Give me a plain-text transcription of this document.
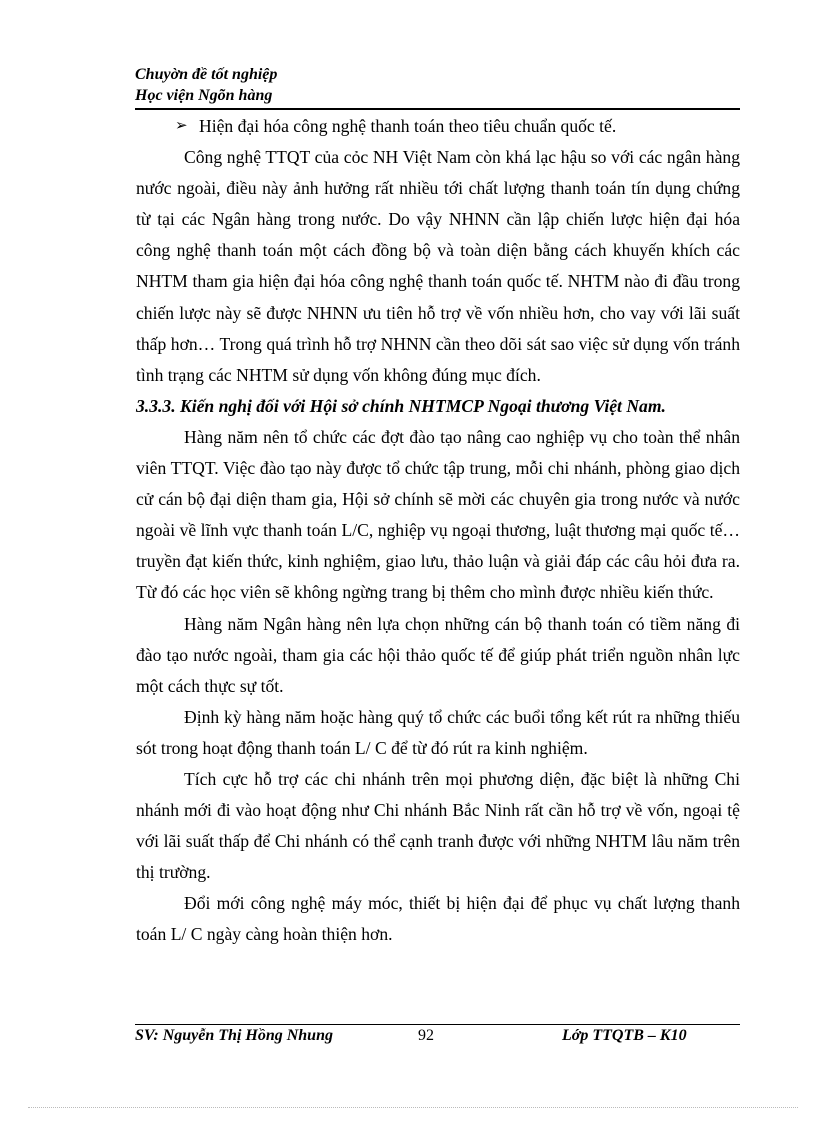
Chuyờn đề tốt nghiệp
Học viện Ngõn hàng

➢ Hiện đại hóa công nghệ thanh toán theo tiêu chuẩn quốc tế.

Công nghệ TTQT của cỏc NH Việt Nam còn khá lạc hậu so với các ngân hàng nước ngoài, điều này ảnh hưởng rất nhiều tới chất lượng thanh toán tín dụng chứng từ tại các Ngân hàng trong nước. Do vậy NHNN cần lập chiến lược hiện đại hóa công nghệ thanh toán một cách đồng bộ và toàn diện bằng cách khuyến khích các NHTM tham gia hiện đại hóa công nghệ thanh toán quốc tế. NHTM nào đi đầu trong chiến lược này sẽ được NHNN ưu tiên hỗ trợ về vốn nhiều hơn, cho vay với lãi suất thấp hơn… Trong quá trình hỗ trợ NHNN cần theo dõi sát sao việc sử dụng vốn tránh tình trạng các NHTM sử dụng vốn không đúng mục đích.

3.3.3. Kiến nghị đối với Hội sở chính NHTMCP Ngoại thương Việt Nam.

Hàng năm nên tổ chức các đợt đào tạo nâng cao nghiệp vụ cho toàn thể nhân viên TTQT. Việc đào tạo này được tổ chức tập trung, mỗi chi nhánh, phòng giao dịch cử cán bộ đại diện tham gia, Hội sở chính sẽ mời các chuyên gia trong nước và nước ngoài về lĩnh vực thanh toán L/C, nghiệp vụ ngoại thương, luật thương mại quốc tế… truyền đạt kiến thức, kinh nghiệm, giao lưu, thảo luận và giải đáp các câu hỏi đưa ra. Từ đó các học viên sẽ không ngừng trang bị thêm cho mình được nhiều kiến thức.

Hàng năm Ngân hàng nên lựa chọn những cán bộ thanh toán có tiềm năng đi đào tạo nước ngoài, tham gia các hội thảo quốc tế để giúp phát triển nguồn nhân lực một cách thực sự tốt.

Định kỳ hàng năm hoặc hàng quý tổ chức các buổi tổng kết rút ra những thiếu sót trong hoạt động thanh toán L/ C để từ đó rút ra kinh nghiệm.

Tích cực hỗ trợ các chi nhánh trên mọi phương diện, đặc biệt là những Chi nhánh mới đi vào hoạt động như Chi nhánh Bắc Ninh rất cần hỗ trợ về vốn, ngoại tệ với lãi suất thấp để Chi nhánh có thể cạnh tranh được với những NHTM lâu năm trên thị trường.

Đổi mới công nghệ máy móc, thiết bị hiện đại để phục vụ chất lượng thanh toán L/ C ngày càng hoàn thiện hơn.

SV: Nguyễn Thị Hồng Nhung	92	Lớp TTQTB – K10
